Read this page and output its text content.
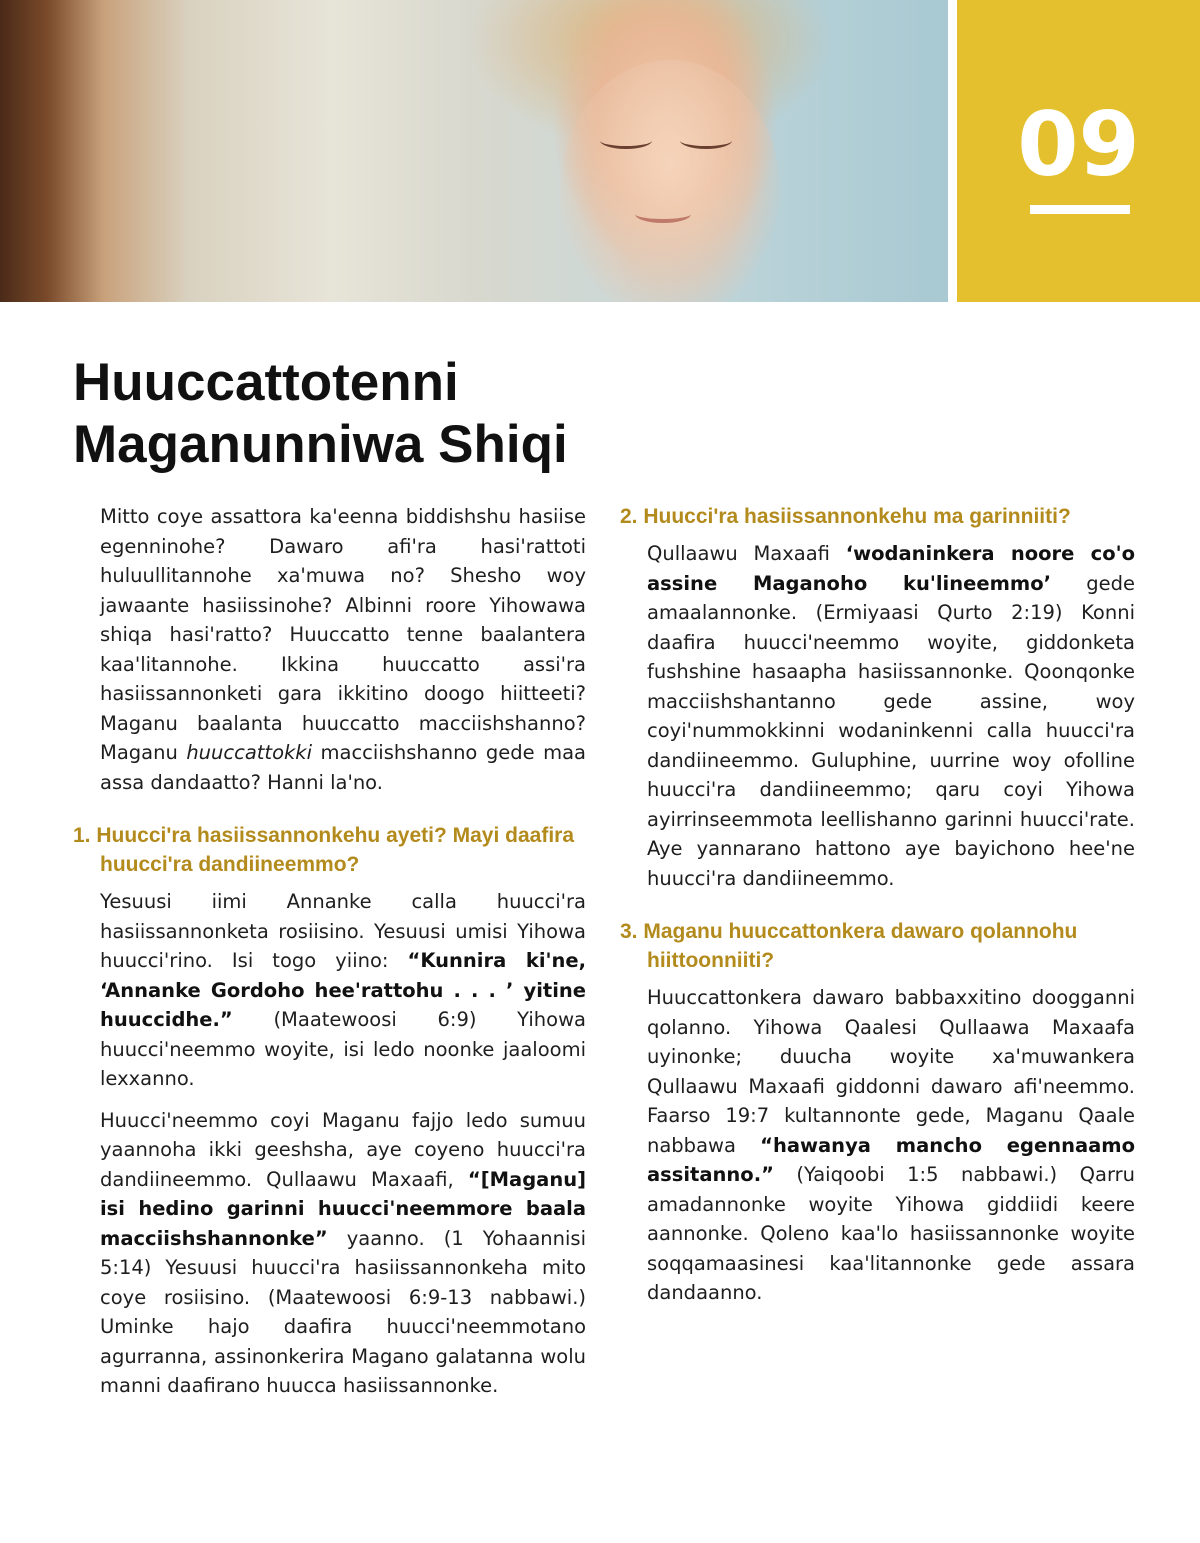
09
Huuccattotenni
Maganunniwa Shiqi

Mitto coye assattora ka'eenna biddishshu hasiise egenninohe? Dawaro afi'ra hasi'rattoti huluullitannohe xa'muwa no? Shesho woy jawaante hasiissinohe? Albinni roore Yihowawa shiqa hasi'ratto? Huuccatto tenne baalantera kaa'litannohe. Ikkina huuccatto assi'ra hasiissannonketi gara ikkitino doogo hiitteeti? Maganu baalanta huuccatto macciishshanno? Maganu huuccattokki macciishshanno gede maa assa dandaatto? Hanni la'no.

1. Huucci'ra hasiissannonkehu ayeti? Mayi daafira huucci'ra dandiineemmo?

Yesuusi iimi Annanke calla huucci'ra hasiissannonketa rosiisino. Yesuusi umisi Yihowa huucci'rino. Isi togo yiino: “Kunnira ki'ne, ‘Annanke Gordoho hee'rattohu . . . ’ yitine huuccidhe.” (Maatewoosi 6:9) Yihowa huucci'neemmo woyite, isi ledo noonke jaaloomi lexxanno.

Huucci'neemmo coyi Maganu fajjo ledo sumuu yaannoha ikki geeshsha, aye coyeno huucci'ra dandiineemmo. Qullaawu Maxaafi, “[Maganu] isi hedino garinni huucci'neemmore baala macciishshannonke” yaanno. (1 Yohaannisi 5:14) Yesuusi huucci'ra hasiissannonkeha mito coye rosiisino. (Maatewoosi 6:9-13 nabbawi.) Uminke hajo daafira huucci'neemmotano agurranna, assinonkerira Magano galatanna wolu manni daafirano huucca hasiissannonke.

2. Huucci'ra hasiissannonkehu ma garinniiti?

Qullaawu Maxaafi ‘wodaninkera noore co'o assine Maganoho ku'lineemmo’ gede amaalannonke. (Ermiyaasi Qurto 2:19) Konni daafira huucci'neemmo woyite, giddonketa fushshine hasaapha hasiissannonke. Qoonqonke macciishshantanno gede assine, woy coyi'nummokkinni wodaninkenni calla huucci'ra dandiineemmo. Guluphine, uurrine woy ofolline huucci'ra dandiineemmo; qaru coyi Yihowa ayirrinseemmota leellishanno garinni huucci'rate. Aye yannarano hattono aye bayichono hee'ne huucci'ra dandiineemmo.

3. Maganu huuccattonkera dawaro qolannohu hiittoonniiti?

Huuccattonkera dawaro babbaxxitino doogganni qolanno. Yihowa Qaalesi Qullaawa Maxaafa uyinonke; duucha woyite xa'muwankera Qullaawu Maxaafi giddonni dawaro afi'neemmo. Faarso 19:7 kultannonte gede, Maganu Qaale nabbawa “hawanya mancho egennaamo assitanno.” (Yaiqoobi 1:5 nabbawi.) Qarru amadannonke woyite Yihowa giddiidi keere aannonke. Qoleno kaa'lo hasiissannonke woyite soqqamaasinesi kaa'litannonke gede assara dandaanno.
